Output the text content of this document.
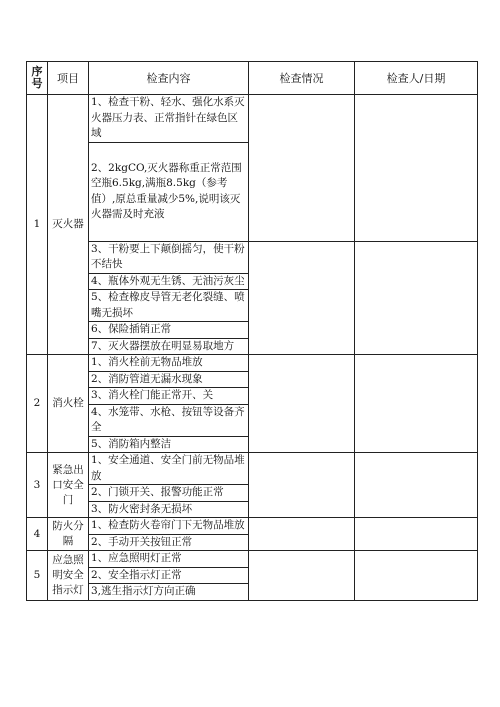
序号	项目	检查内容	检查情况	检查人/日期
1	灭火器	1、检查干粉、轻水、强化水系灭火器压力表、正常指针在绿色区域		
		2、2kgCO,灭火器称重正常范围空瓶6.5kg,满瓶8.5kg（参考值）,原总重量减少5%,说明该灭火器需及时充液		
		3、干粉要上下颠倒摇匀，使干粉不结快		
		4、瓶体外观无生锈、无油污灰尘		
		5、检查橡皮导管无老化裂缝、喷嘴无损坏		
		6、保险插销正常		
		7、灭火器摆放在明显易取地方		
2	消火栓	1、消火栓前无物品堆放		
		2、消防管道无漏水现象		
		3、消火栓门能正常开、关		
		4、水笼带、水枪、按钮等设备齐全		
		5、消防箱内整洁		
3	紧急出口安全门	1、安全通道、安全门前无物品堆放		
		2、门锁开关、报警功能正常		
		3、防火密封条无损坏		
4	防火分隔	1、检查防火卷帘门下无物品堆放		
		2、手动开关按钮正常		
5	应急照明安全指示灯	1、应急照明灯正常		
		2、安全指示灯正常		
		3,逃生指示灯方向正确		
